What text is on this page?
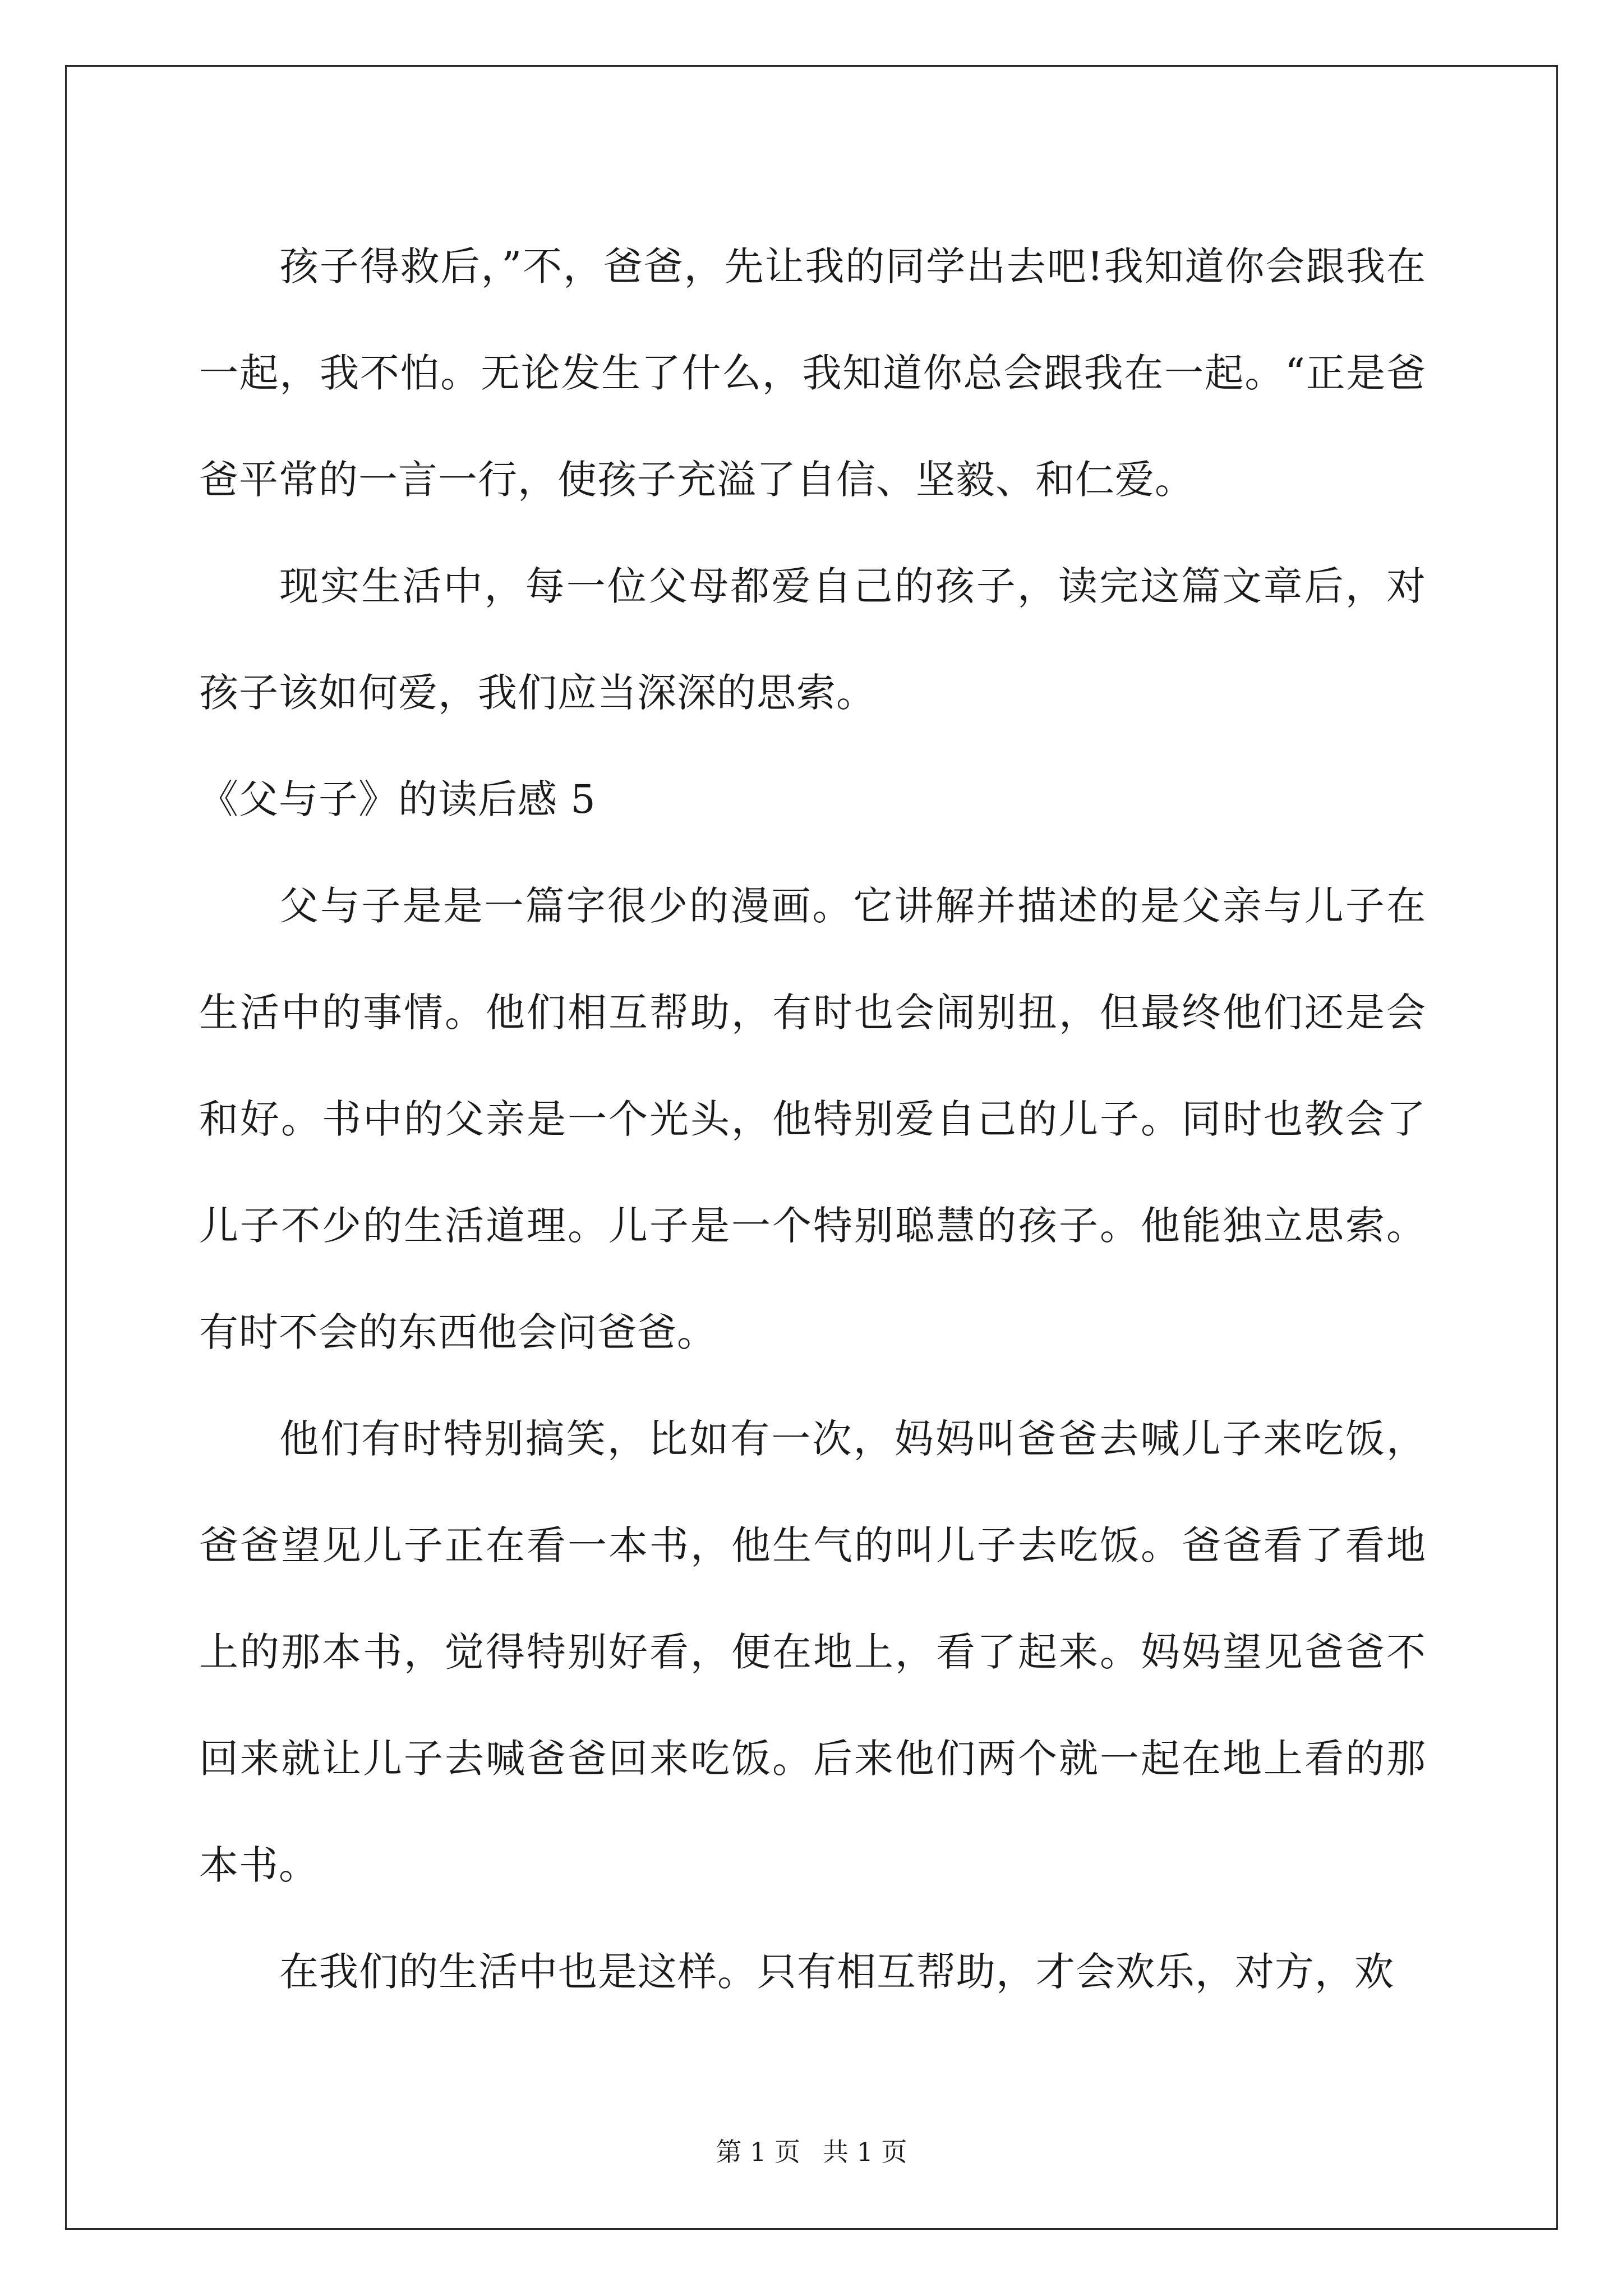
孩子得救后，”不，爸爸，先让我的同学出去吧!我知道你会跟我在一起，我不怕。无论发生了什么，我知道你总会跟我在一起。“正是爸爸平常的一言一行，使孩子充溢了自信、坚毅、和仁爱。

现实生活中，每一位父母都爱自己的孩子，读完这篇文章后，对孩子该如何爱，我们应当深深的思索。

《父与子》的读后感 5

父与子是是一篇字很少的漫画。它讲解并描述的是父亲与儿子在生活中的事情。他们相互帮助，有时也会闹别扭，但最终他们还是会和好。书中的父亲是一个光头，他特别爱自己的儿子。同时也教会了儿子不少的生活道理。儿子是一个特别聪慧的孩子。他能独立思索。有时不会的东西他会问爸爸。

他们有时特别搞笑，比如有一次，妈妈叫爸爸去喊儿子来吃饭，爸爸望见儿子正在看一本书，他生气的叫儿子去吃饭。爸爸看了看地上的那本书，觉得特别好看，便在地上，看了起来。妈妈望见爸爸不回来就让儿子去喊爸爸回来吃饭。后来他们两个就一起在地上看的那本书。

在我们的生活中也是这样。只有相互帮助，才会欢乐，对方，欢

第 1 页 共 1 页
